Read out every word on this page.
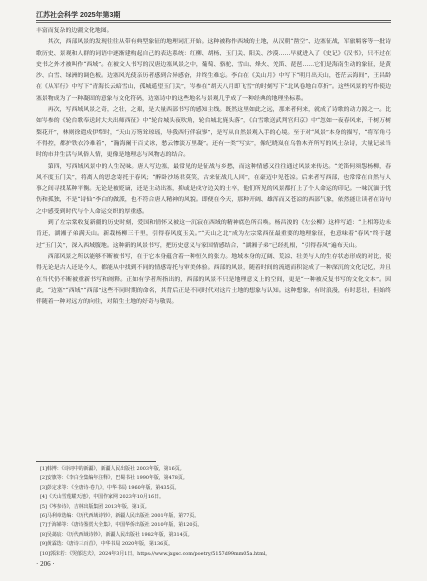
江苏社会科学 2025年第3期

丰富而复杂的边疆文化地图。

其次，西部风景的发现往往从带有典型象征的地理词汇开始。这种被称作西域的土地，从汉朝“凿空”、边塞征战，军旅羁客等一批诗歌历史、景观和人群的词语中逐渐建构起自己的表达系统：红柳、胡杨、玉门关、阳关、沙漠……早就进入了《史记》《汉书》，只不过在史书之外才被叫作“西域”。在被文人书写的汉唐边塞风景之中，葡萄、骆驼、雪山、烽火、羌笛、琵琶……它们是海南生动的象征，是黄沙、白雪、绿洲的调色板。边塞风光使亲历者感到合异感奋，并终生难忘。李白在《关山月》中写下“明月出天山，苍茫云海间”，王昌龄在《从军行》中写下“青海长云暗雪山，孤城遥望玉门关”，岑参在“胡天八月即飞雪”的时刻写下“北风卷地白草折”。这些风景的写作使边塞景物成为了一种凝固的意象与文化符码，边塞诗中的这些地名与景观几乎成了一种经典的地理坐标系。

再次，写西域风景之奇，之壮，之艰，是大量西部书写的感知主线。既然这里如此之远，那来者何来，就成了诗歌的动力源之一。比如岑参的《轮台歌奉送封大夫出师西征》中“轮台城头夜吹角，轮台城北旄头落”，《白雪歌送武判官归京》中“忽如一夜春风来，千树万树梨花开”，林则徐遣戍伊犁时，“天山万笏耸琼瑶，导我西行伴寂寥”，是写从自然景观入手的心境。至于对“风景”本身的描写，“将军角弓不得控，都护铁衣冷难着”，“瀚海阑干百丈冰，愁云惨淡万里凝”。还有一类“写实”，像纪晓岚在乌鲁木齐所写的风土杂诗，大量记录当时的市井生活与风俗人情，更像是地理志与风物志的结合。

第四，写西域风景中的人生况味。唐人写边塞，最常见的是征战与乡愁，而这种情感又往往通过风景来传达。“羌笛何须怨杨柳，春风不度玉门关”，将离人的思念寄托于春风；“醉卧沙场君莫笑，古来征战几人回”，在豪迈中见苍凉。后来者写西部，也常常在自然与人事之间寻找某种平衡。无论是被贬谪，还是主动出塞，抑或是戍守边关的士卒，他们所见的风景都打上了个人命运的印记。一味沉湎于忧伤和孤独，不是“诗仙”李白的做派，也不符合唐人精神的风貌。即便在今天，那种开阔、雄浑而又苍凉的西部气象，依然能让读者在诗句之中感受到时代与个人命运交织的厚重感。

到了左宗棠收复新疆的历史时刻，爱国和情怀又被这一沉寂在西域的精神底色所召唤。杨昌浚的《左公柳》这样写道：“上相筹边未肯还，湖湘子弟满天山。新栽杨柳三千里，引得春风度玉关。”“天山之北”成为左宗棠西征最重要的地理象征，也意味着“春风”终于越过“玉门关”，深入西域腹地。这种新的风景书写，把历史意义与家国情感结合，“湖湘子弟”已经扎根，“引得春风”遍布天山。

西部风景之所以能够不断被书写，在于它本身蕴含着一种恒久的张力。地域本身的辽阔、荒凉、壮美与人的生存状态形成的对比，使得无论是古人还是今人，都能从中找到不同的情感寄托与审美体验。西部的风景，随着时间的流逝而积淀成了一种深沉的文化记忆，并且在当代仍不断被重新书写和阐释。正如有学者所指出的，西部的风景不只是地理意义上的空间，更是“一种被反复书写的文化文本”。因此，“边塞”“西域”“西部”这些不同时期的命名，其背后正是不同时代对这片土地的想象与认知。这种想象，有时浪漫，有时悲壮，但始终伴随着一种对远方的向往，对陌生土地的好奇与敬畏。

[1]韩博：《诗词中的新疆》，新疆人民出版社 2003年版，第16页。
[2]安旗等：《李白全集编年注释》，巴蜀书社 1990年版，第478页。
[3]彭定求等：《全唐诗·卷九》，中华书局 1960年版，第435页。
[4]《天山雪莲耀天池》，中国作家网 2023年10月16日。
[5]《岑参诗》，吉林出版集团 2013年版，第1页。
[6]马利章选编：《历代西域诗钞》，新疆人民出版社 2001年版，第77页。
[7]于海娣等：《唐诗鉴赏大全集》，中国华侨出版社 2010年版，第120页。
[8]吴蔼宸：《历代西域诗钞》，新疆人民出版社 1982年版，第314页。
[9]黄霖选：《唐诗三百首》，中华书局 2020年版，第136页。
[10]郭沫若：《哭郁达夫》，2024年3月1日，https://www.jxgsc.com/poetry/5157d99mm05a.html。
· 206 ·
